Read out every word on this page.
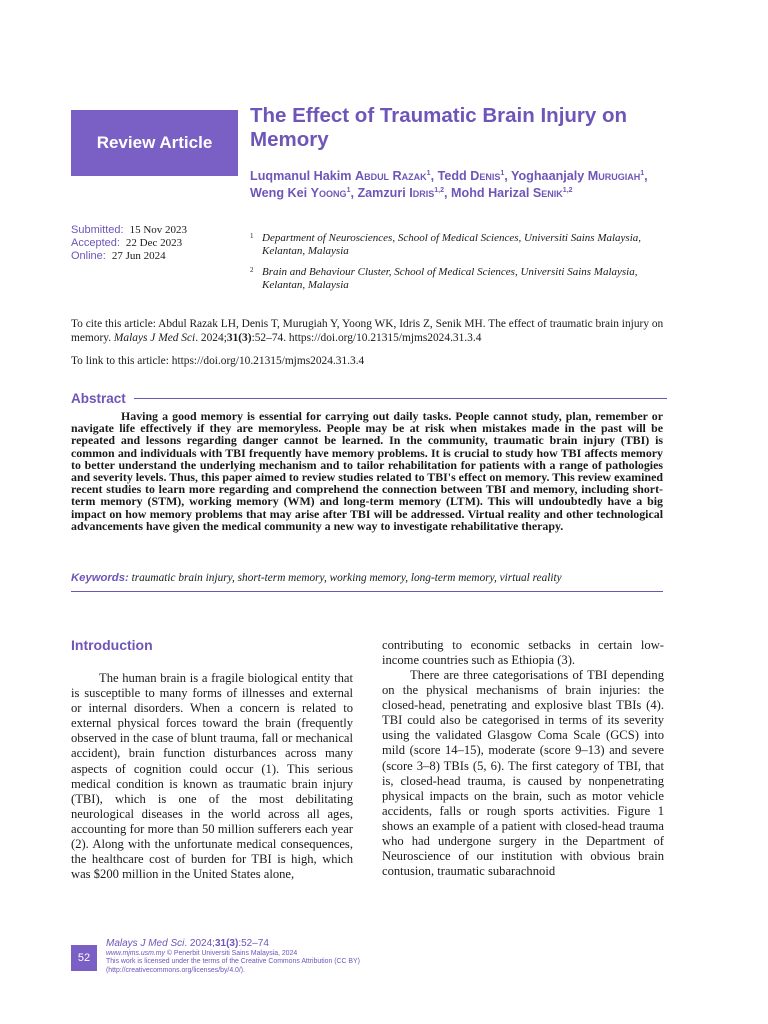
Review Article
The Effect of Traumatic Brain Injury on Memory
Luqmanul Hakim Abdul Razak$^1$, Tedd Denis$^1$, Yoghaanjaly Murugiah$^1$, Weng Kei Yoong$^1$, Zamzuri Idris$^{1,2}$, Mohd Harizal Senik$^{1,2}$
Submitted: 15 Nov 2023
Accepted: 22 Dec 2023
Online: 27 Jun 2024
1 Department of Neurosciences, School of Medical Sciences, Universiti Sains Malaysia, Kelantan, Malaysia
2 Brain and Behaviour Cluster, School of Medical Sciences, Universiti Sains Malaysia, Kelantan, Malaysia
To cite this article: Abdul Razak LH, Denis T, Murugiah Y, Yoong WK, Idris Z, Senik MH. The effect of traumatic brain injury on memory. Malays J Med Sci. 2024;31(3):52–74. https://doi.org/10.21315/mjms2024.31.3.4
To link to this article: https://doi.org/10.21315/mjms2024.31.3.4
Abstract

Having a good memory is essential for carrying out daily tasks. People cannot study, plan, remember or navigate life effectively if they are memoryless. People may be at risk when mistakes made in the past will be repeated and lessons regarding danger cannot be learned. In the community, traumatic brain injury (TBI) is common and individuals with TBI frequently have memory problems. It is crucial to study how TBI affects memory to better understand the underlying mechanism and to tailor rehabilitation for patients with a range of pathologies and severity levels. Thus, this paper aimed to review studies related to TBI's effect on memory. This review examined recent studies to learn more regarding and comprehend the connection between TBI and memory, including short-term memory (STM), working memory (WM) and long-term memory (LTM). This will undoubtedly have a big impact on how memory problems that may arise after TBI will be addressed. Virtual reality and other technological advancements have given the medical community a new way to investigate rehabilitative therapy.

Keywords: traumatic brain injury, short-term memory, working memory, long-term memory, virtual reality
Introduction

The human brain is a fragile biological entity that is susceptible to many forms of illnesses and external or internal disorders. When a concern is related to external physical forces toward the brain (frequently observed in the case of blunt trauma, fall or mechanical accident), brain function disturbances across many aspects of cognition could occur (1). This serious medical condition is known as traumatic brain injury (TBI), which is one of the most debilitating neurological diseases in the world across all ages, accounting for more than 50 million sufferers each year (2). Along with the unfortunate medical consequences, the healthcare cost of burden for TBI is high, which was $200 million in the United States alone,

contributing to economic setbacks in certain low-income countries such as Ethiopia (3).

There are three categorisations of TBI depending on the physical mechanisms of brain injuries: the closed-head, penetrating and explosive blast TBIs (4). TBI could also be categorised in terms of its severity using the validated Glasgow Coma Scale (GCS) into mild (score 14–15), moderate (score 9–13) and severe (score 3–8) TBIs (5, 6). The first category of TBI, that is, closed-head trauma, is caused by nonpenetrating physical impacts on the brain, such as motor vehicle accidents, falls or rough sports activities. Figure 1 shows an example of a patient with closed-head trauma who had undergone surgery in the Department of Neuroscience of our institution with obvious brain contusion, traumatic subarachnoid

52
Malays J Med Sci. 2024;31(3):52–74
www.mjms.usm.my © Penerbit Universiti Sains Malaysia, 2024
This work is licensed under the terms of the Creative Commons Attribution (CC BY)
(http://creativecommons.org/licenses/by/4.0/).
